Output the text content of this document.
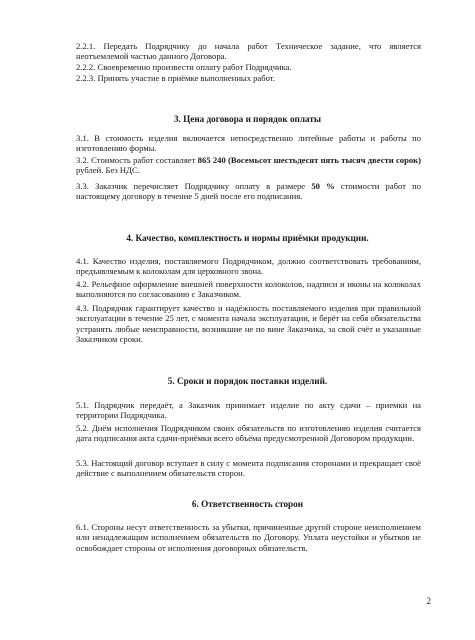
2.2.1. Передать Подрядчику до начала работ Техническое задание, что является неотъемлемой частью данного Договора.

2.2.2. Своевременно произвести оплату работ Подрядчика.

2.2.3. Принять участие в приёмке выполненных работ.

3. Цена договора и порядок оплаты

3.1. В стоимость изделия включается непосредственно литейные работы и работы по изготовлению формы.

3.2. Стоимость работ составляет 865 240 (Восемьсот шестьдесят пять тысяч двести сорок) рублей. Без НДС.

3.3. Заказчик перечисляет Подрядчику оплату в размере 50 % стоимости работ по настоящему договору в течение 5 дней после его подписания.

4. Качество, комплектность и нормы приёмки продукции.

4.1. Качество изделия, поставляемого Подрядчиком, должно соответствовать требованиям, предъявляемым к колоколам для церковного звона.

4.2. Рельефное оформление внешней поверхности колоколов, надписи и иконы на колоколах выполняются по согласованию с Заказчиком.

4.3. Подрядчик гарантирует качество и надёжность поставляемого изделия при правильной эксплуатации в течение 25 лет, с момента начала эксплуатации, и берёт на себя обязательства устранять любые неисправности, возникшие не по вине Заказчика, за свой счёт и указанные Заказчиком сроки.

5. Сроки и порядок поставки изделий.

5.1. Подрядчик передаёт, а Заказчик принимает изделие по акту сдачи – приемки на территории Подрядчика.

5.2. Днём исполнения Подрядчиком своих обязательств по изготовлению изделия считается дата подписания акта сдачи-приёмки всего объёма предусмотренной Договором продукции.

5.3. Настоящий договор вступает в силу с момента подписания сторонами и прекращает своё действие с выполнением обязательств сторон.

6. Ответственность сторон

6.1. Стороны несут ответственность за убытки, причиненные другой стороне неисполнением или ненадлежащим исполнением обязательств по Договору. Уплата неустойки и убытков не освобождает стороны от исполнения договорных обязательств.

2
